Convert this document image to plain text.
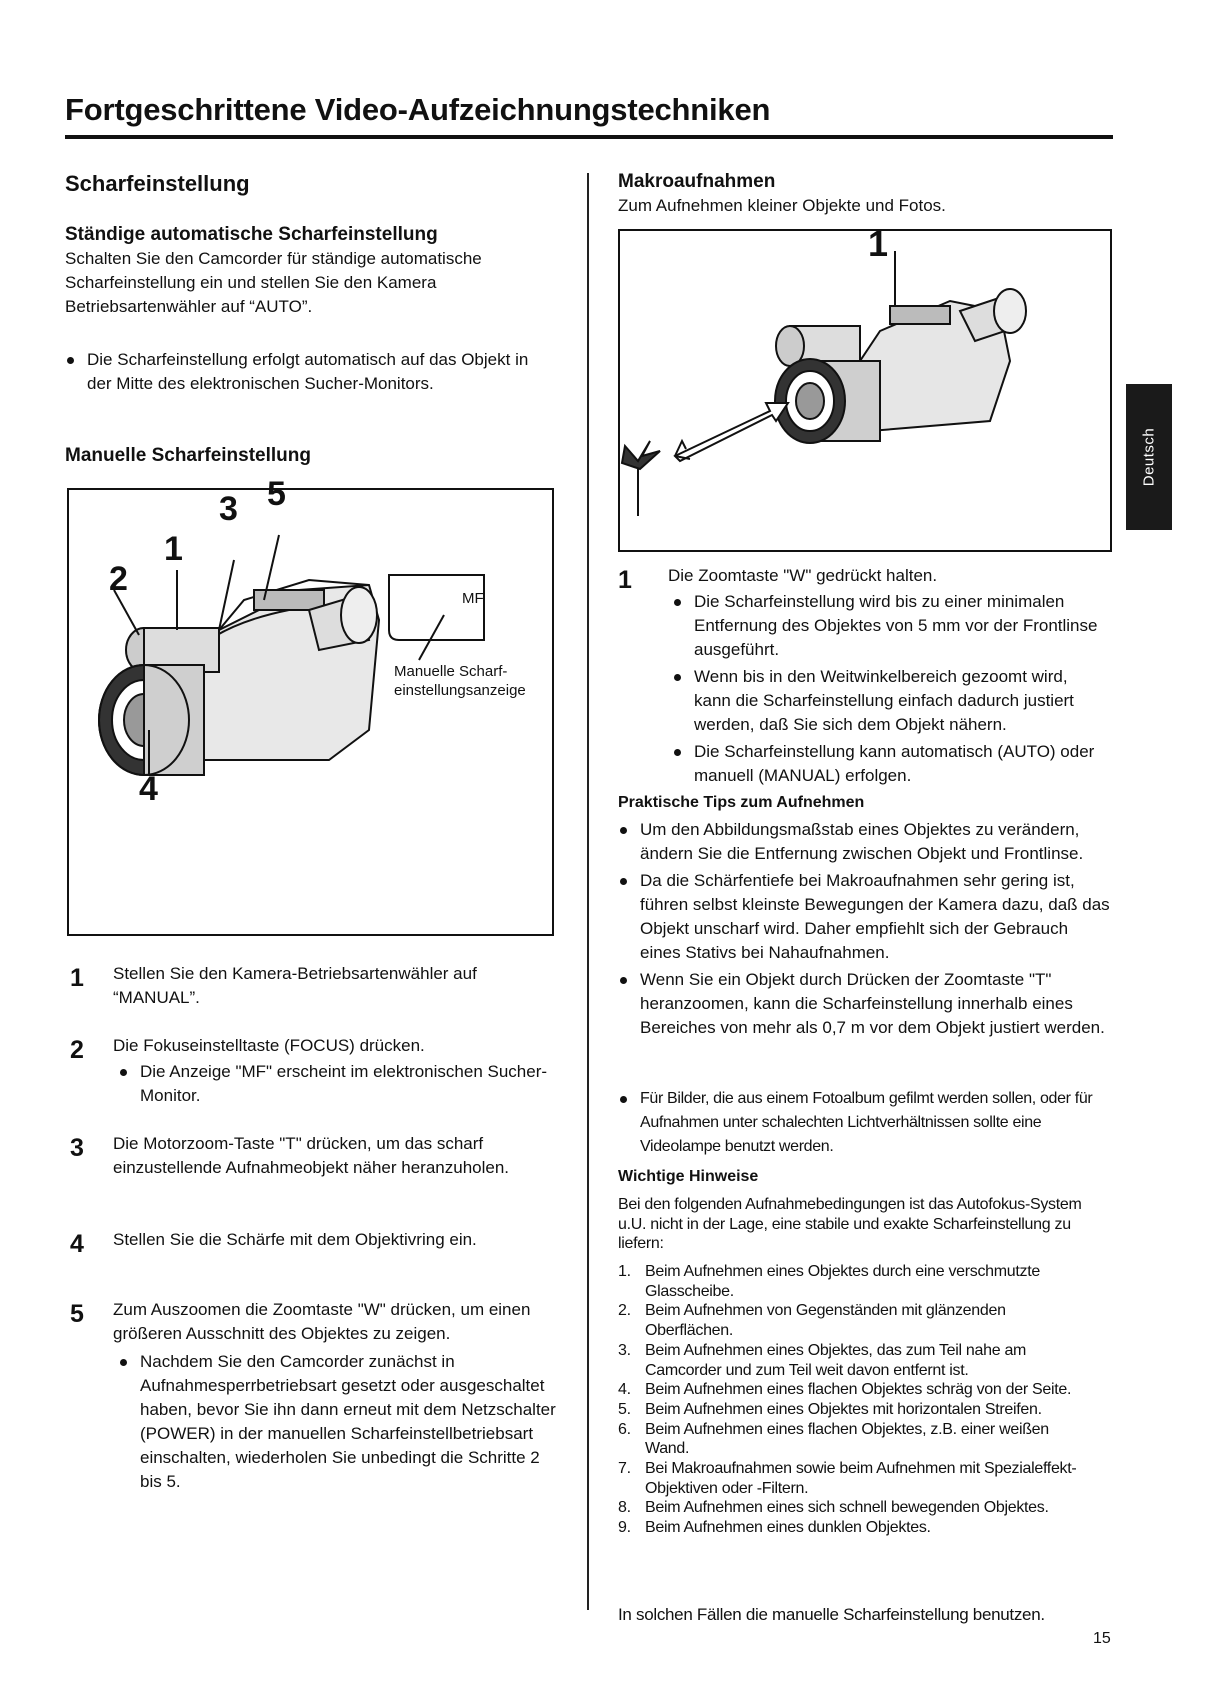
Fortgeschrittene Video-Aufzeichnungstechniken
Deutsch
Scharfeinstellung
Ständige automatische Scharfeinstellung
Schalten Sie den Camcorder für ständige automatische Scharfeinstellung ein und stellen Sie den Kamera Betriebsartenwähler auf “AUTO”.
Die Scharfeinstellung erfolgt automatisch auf das Objekt in der Mitte des elektronischen Sucher-Monitors.
Manuelle Scharfeinstellung
3 5
1
2
4
MF
Manuelle Scharf- einstellungsanzeige
1 Stellen Sie den Kamera-Betriebsartenwähler auf “MANUAL”.
2 Die Fokuseinstelltaste (FOCUS) drücken.
Die Anzeige "MF" erscheint im elektronischen Sucher-Monitor.
3 Die Motorzoom-Taste "T" drücken, um das scharf einzustellende Aufnahmeobjekt näher heranzuholen.
4 Stellen Sie die Schärfe mit dem Objektivring ein.
5 Zum Auszoomen die Zoomtaste "W" drücken, um einen größeren Ausschnitt des Objektes zu zeigen.
Nachdem Sie den Camcorder zunächst in Aufnahmesperrbetriebsart gesetzt oder ausgeschaltet haben, bevor Sie ihn dann erneut mit dem Netzschalter (POWER) in der manuellen Scharfeinstellbetriebsart einschalten, wiederholen Sie unbedingt die Schritte 2 bis 5.
Makroaufnahmen
Zum Aufnehmen kleiner Objekte und Fotos.
1
1 Die Zoomtaste "W" gedrückt halten.
Die Scharfeinstellung wird bis zu einer minimalen Entfernung des Objektes von 5 mm vor der Frontlinse ausgeführt.
Wenn bis in den Weitwinkelbereich gezoomt wird, kann die Scharfeinstellung einfach dadurch justiert werden, daß Sie sich dem Objekt nähern.
Die Scharfeinstellung kann automatisch (AUTO) oder manuell (MANUAL) erfolgen.
Praktische Tips zum Aufnehmen
Um den Abbildungsmaßstab eines Objektes zu verändern, ändern Sie die Entfernung zwischen Objekt und Frontlinse.
Da die Schärfentiefe bei Makroaufnahmen sehr gering ist, führen selbst kleinste Bewegungen der Kamera dazu, daß das Objekt unscharf wird. Daher empfiehlt sich der Gebrauch eines Stativs bei Nahaufnahmen.
Wenn Sie ein Objekt durch Drücken der Zoomtaste "T" heranzoomen, kann die Scharfeinstellung innerhalb eines Bereiches von mehr als 0,7 m vor dem Objekt justiert werden.
Für Bilder, die aus einem Fotoalbum gefilmt werden sollen, oder für Aufnahmen unter schalechten Lichtverhältnissen sollte eine Videolampe benutzt werden.
Wichtige Hinweise
Bei den folgenden Aufnahmebedingungen ist das Autofokus-System u.U. nicht in der Lage, eine stabile und exakte Scharfeinstellung zu liefern:
1. Beim Aufnehmen eines Objektes durch eine verschmutzte Glasscheibe.
2. Beim Aufnehmen von Gegenständen mit glänzenden Oberflächen.
3. Beim Aufnehmen eines Objektes, das zum Teil nahe am Camcorder und zum Teil weit davon entfernt ist.
4. Beim Aufnehmen eines flachen Objektes schräg von der Seite.
5. Beim Aufnehmen eines Objektes mit horizontalen Streifen.
6. Beim Aufnehmen eines flachen Objektes, z.B. einer weißen Wand.
7. Bei Makroaufnahmen sowie beim Aufnehmen mit Spezialeffekt-Objektiven oder -Filtern.
8. Beim Aufnehmen eines sich schnell bewegenden Objektes.
9. Beim Aufnehmen eines dunklen Objektes.
In solchen Fällen die manuelle Scharfeinstellung benutzen.
15
